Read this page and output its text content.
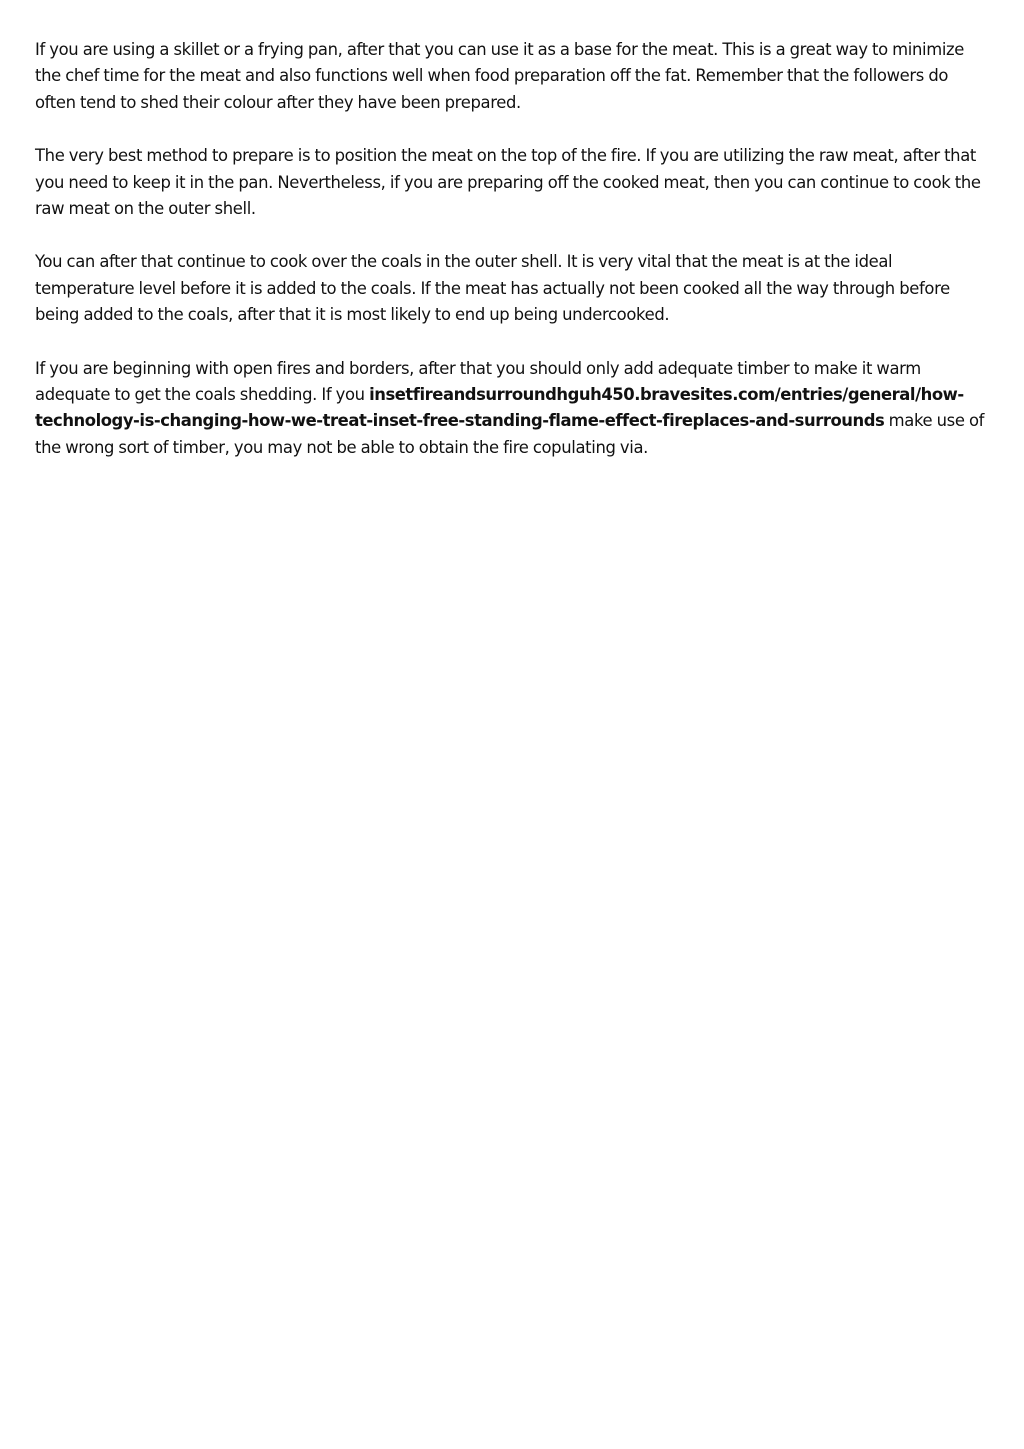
If you are using a skillet or a frying pan, after that you can use it as a base for the meat. This is a great way to minimize the chef time for the meat and also functions well when food preparation off the fat. Remember that the followers do often tend to shed their colour after they have been prepared.

The very best method to prepare is to position the meat on the top of the fire. If you are utilizing the raw meat, after that you need to keep it in the pan. Nevertheless, if you are preparing off the cooked meat, then you can continue to cook the raw meat on the outer shell.

You can after that continue to cook over the coals in the outer shell. It is very vital that the meat is at the ideal temperature level before it is added to the coals. If the meat has actually not been cooked all the way through before being added to the coals, after that it is most likely to end up being undercooked.

If you are beginning with open fires and borders, after that you should only add adequate timber to make it warm adequate to get the coals shedding. If you insetfireandsurroundhguh450.bravesites.com/entries/general/how-technology-is-changing-how-we-treat-inset-free-standing-flame-effect-fireplaces-and-surrounds make use of the wrong sort of timber, you may not be able to obtain the fire copulating via.
